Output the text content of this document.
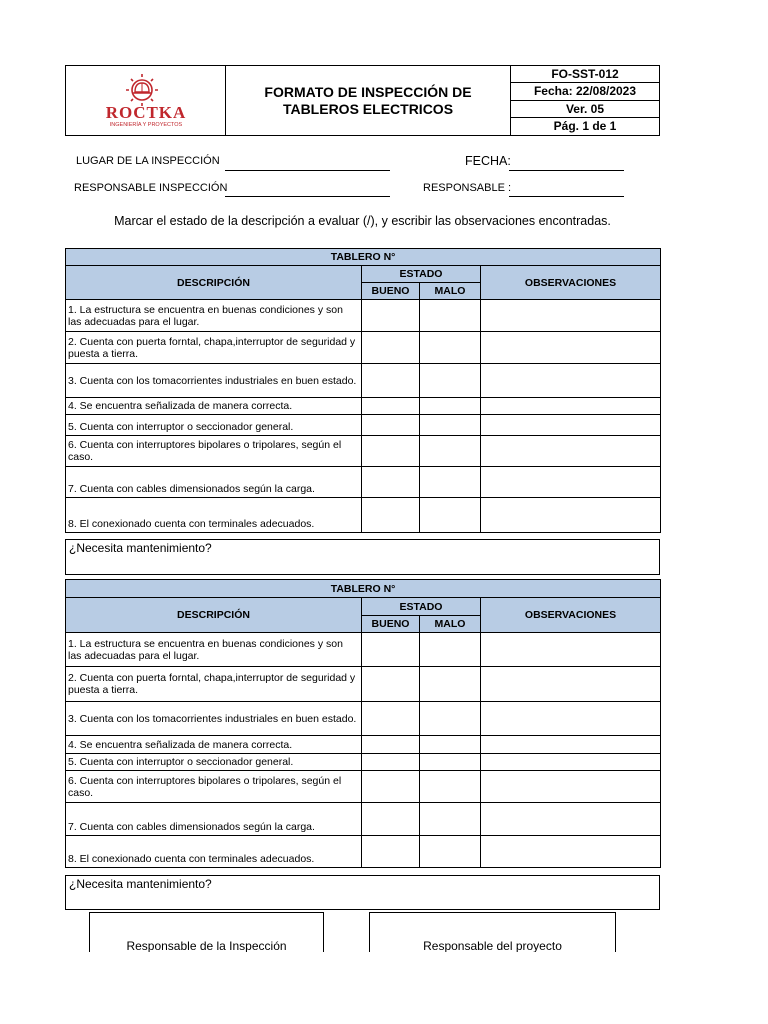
ROCTKA
INGENIERÍA Y PROYECTOS
FORMATO DE INSPECCIÓN DE TABLEROS ELECTRICOS
FO-SST-012
Fecha: 22/08/2023
Ver. 05
Pág. 1 de 1
LUGAR DE LA INSPECCIÓN	FECHA:
RESPONSABLE INSPECCIÓN	RESPONSABLE :
Marcar el estado de la descripción a evaluar (/), y escribir las observaciones encontradas.
TABLERO N°			
DESCRIPCIÓN	ESTADO		OBSERVACIONES
	BUENO	MALO	
1. La estructura se encuentra en buenas condiciones y son las adecuadas para el lugar.			
2. Cuenta con puerta forntal, chapa,interruptor de seguridad y puesta a tierra.			
3. Cuenta con los tomacorrientes industriales en buen estado.			
4. Se encuentra señalizada de manera correcta.			
5. Cuenta con interruptor o seccionador general.			
6. Cuenta con interruptores bipolares o tripolares, según el caso.			
7. Cuenta con cables dimensionados según la carga.			
8. El conexionado cuenta con terminales adecuados.			
¿Necesita mantenimiento?
TABLERO N°			
DESCRIPCIÓN	ESTADO		OBSERVACIONES
	BUENO	MALO	
1. La estructura se encuentra en buenas condiciones y son las adecuadas para el lugar.			
2. Cuenta con puerta forntal, chapa,interruptor de seguridad y puesta a tierra.			
3. Cuenta con los tomacorrientes industriales en buen estado.			
4. Se encuentra señalizada de manera correcta.			
5. Cuenta con interruptor o seccionador general.			
6. Cuenta con interruptores bipolares o tripolares, según el caso.			
7. Cuenta con cables dimensionados según la carga.			
8. El conexionado cuenta con terminales adecuados.			
¿Necesita mantenimiento?
Responsable de la Inspección	Responsable del proyecto
